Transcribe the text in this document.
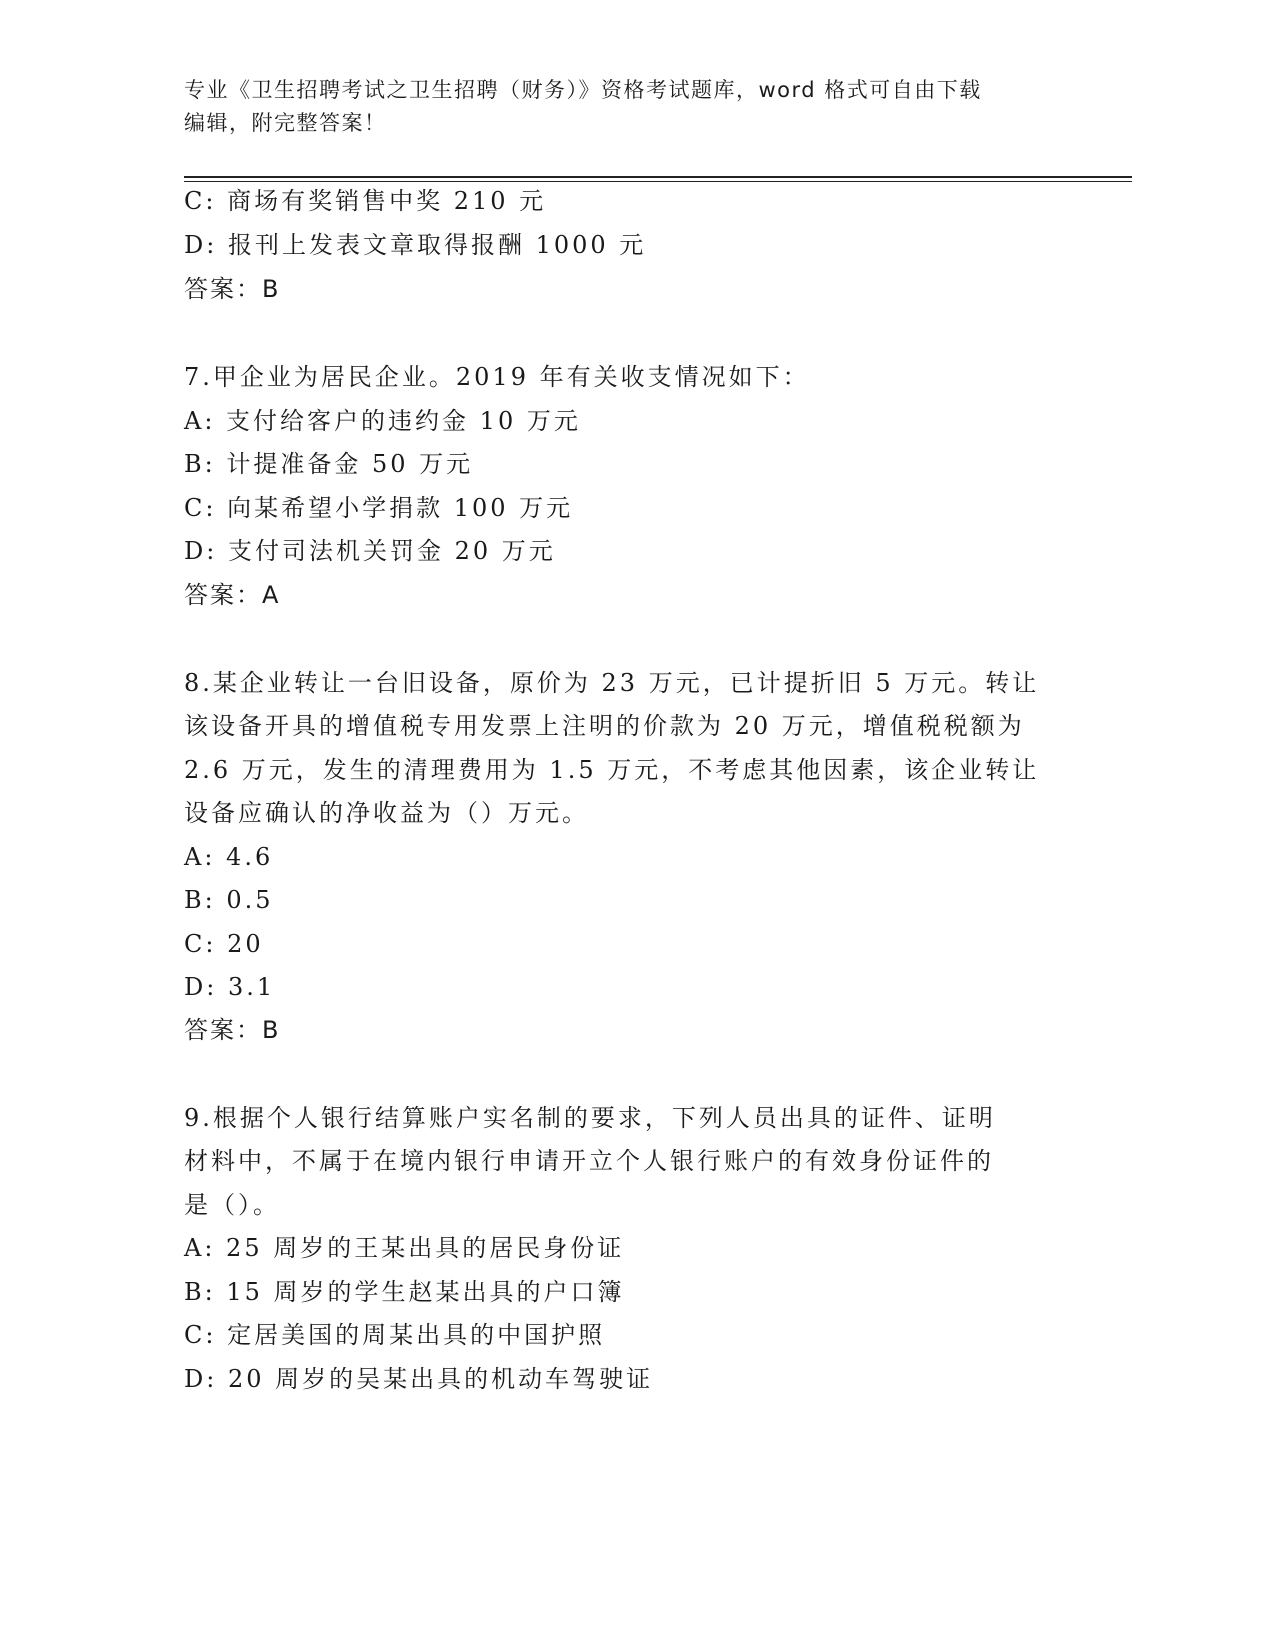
专业《卫生招聘考试之卫生招聘（财务）》资格考试题库，word 格式可自由下载
编辑，附完整答案！
C: 商场有奖销售中奖 210 元
D: 报刊上发表文章取得报酬 1000 元
答案：B
7.甲企业为居民企业。2019 年有关收支情况如下：
A: 支付给客户的违约金 10 万元
B: 计提准备金 50 万元
C: 向某希望小学捐款 100 万元
D: 支付司法机关罚金 20 万元
答案：A
8.某企业转让一台旧设备，原价为 23 万元，已计提折旧 5 万元。转让
该设备开具的增值税专用发票上注明的价款为 20 万元，增值税税额为
2.6 万元，发生的清理费用为 1.5 万元，不考虑其他因素，该企业转让
设备应确认的净收益为（）万元。
A: 4.6
B: 0.5
C: 20
D: 3.1
答案：B
9.根据个人银行结算账户实名制的要求，下列人员出具的证件、证明
材料中，不属于在境内银行申请开立个人银行账户的有效身份证件的
是（）。
A: 25 周岁的王某出具的居民身份证
B: 15 周岁的学生赵某出具的户口簿
C: 定居美国的周某出具的中国护照
D: 20 周岁的吴某出具的机动车驾驶证
